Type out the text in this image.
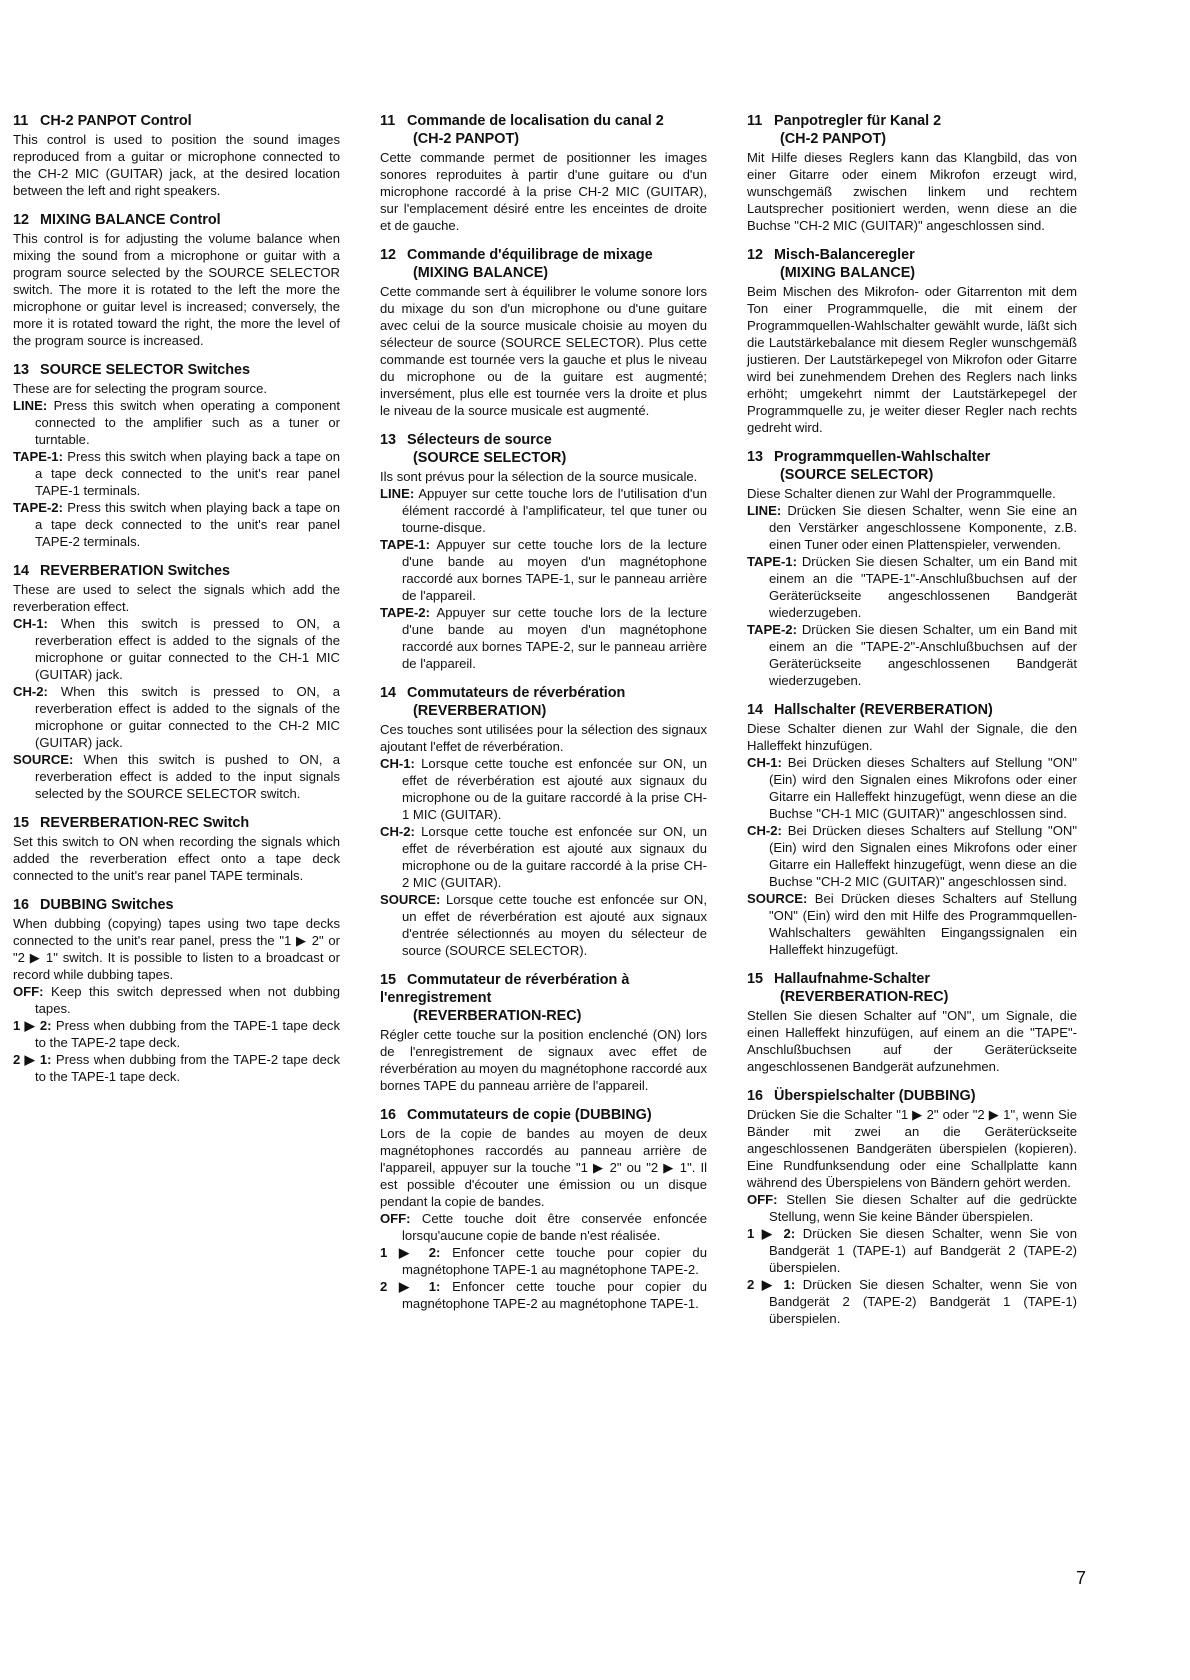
11 CH-2 PANPOT Control

This control is used to position the sound images reproduced from a guitar or microphone connected to the CH-2 MIC (GUITAR) jack, at the desired location between the left and right speakers.

12 MIXING BALANCE Control

This control is for adjusting the volume balance when mixing the sound from a microphone or guitar with a program source selected by the SOURCE SELECTOR switch. The more it is rotated to the left the more the microphone or guitar level is increased; conversely, the more it is rotated toward the right, the more the level of the program source is increased.

13 SOURCE SELECTOR Switches

These are for selecting the program source.

LINE: Press this switch when operating a component connected to the amplifier such as a tuner or turntable.
TAPE-1: Press this switch when playing back a tape on a tape deck connected to the unit's rear panel TAPE-1 terminals.
TAPE-2: Press this switch when playing back a tape on a tape deck connected to the unit's rear panel TAPE-2 terminals.
14 REVERBERATION Switches

These are used to select the signals which add the reverberation effect.

CH-1: When this switch is pressed to ON, a reverberation effect is added to the signals of the microphone or guitar connected to the CH-1 MIC (GUITAR) jack.
CH-2: When this switch is pressed to ON, a reverberation effect is added to the signals of the microphone or guitar connected to the CH-2 MIC (GUITAR) jack.
SOURCE: When this switch is pushed to ON, a reverberation effect is added to the input signals selected by the SOURCE SELECTOR switch.
15 REVERBERATION-REC Switch

Set this switch to ON when recording the signals which added the reverberation effect onto a tape deck connected to the unit's rear panel TAPE terminals.

16 DUBBING Switches

When dubbing (copying) tapes using two tape decks connected to the unit's rear panel, press the "1 ▶ 2" or "2 ▶ 1" switch. It is possible to listen to a broadcast or record while dubbing tapes.

OFF: Keep this switch depressed when not dubbing tapes.
1 ▶ 2: Press when dubbing from the TAPE-1 tape deck to the TAPE-2 tape deck.
2 ▶ 1: Press when dubbing from the TAPE-2 tape deck to the TAPE-1 tape deck.
11 Commande de localisation du canal 2
(CH-2 PANPOT)

Cette commande permet de positionner les images sonores reproduites à partir d'une guitare ou d'un microphone raccordé à la prise CH-2 MIC (GUITAR), sur l'emplacement désiré entre les enceintes de droite et de gauche.

12 Commande d'équilibrage de mixage
(MIXING BALANCE)

Cette commande sert à équilibrer le volume sonore lors du mixage du son d'un microphone ou d'une guitare avec celui de la source musicale choisie au moyen du sélecteur de source (SOURCE SELECTOR). Plus cette commande est tournée vers la gauche et plus le niveau du microphone ou de la guitare est augmenté; inversément, plus elle est tournée vers la droite et plus le niveau de la source musicale est augmenté.

13 Sélecteurs de source
(SOURCE SELECTOR)

Ils sont prévus pour la sélection de la source musicale.

LINE: Appuyer sur cette touche lors de l'utilisation d'un élément raccordé à l'amplificateur, tel que tuner ou tourne-disque.
TAPE-1: Appuyer sur cette touche lors de la lecture d'une bande au moyen d'un magnétophone raccordé aux bornes TAPE-1, sur le panneau arrière de l'appareil.
TAPE-2: Appuyer sur cette touche lors de la lecture d'une bande au moyen d'un magnétophone raccordé aux bornes TAPE-2, sur le panneau arrière de l'appareil.
14 Commutateurs de réverbération
(REVERBERATION)

Ces touches sont utilisées pour la sélection des signaux ajoutant l'effet de réverbération.

CH-1: Lorsque cette touche est enfoncée sur ON, un effet de réverbération est ajouté aux signaux du microphone ou de la guitare raccordé à la prise CH-1 MIC (GUITAR).
CH-2: Lorsque cette touche est enfoncée sur ON, un effet de réverbération est ajouté aux signaux du microphone ou de la guitare raccordé à la prise CH-2 MIC (GUITAR).
SOURCE: Lorsque cette touche est enfoncée sur ON, un effet de réverbération est ajouté aux signaux d'entrée sélectionnés au moyen du sélecteur de source (SOURCE SELECTOR).
15 Commutateur de réverbération à l'enregistrement
(REVERBERATION-REC)

Régler cette touche sur la position enclenché (ON) lors de l'enregistrement de signaux avec effet de réverbération au moyen du magnétophone raccordé aux bornes TAPE du panneau arrière de l'appareil.

16 Commutateurs de copie (DUBBING)

Lors de la copie de bandes au moyen de deux magnétophones raccordés au panneau arrière de l'appareil, appuyer sur la touche "1 ▶ 2" ou "2 ▶ 1". Il est possible d'écouter une émission ou un disque pendant la copie de bandes.

OFF: Cette touche doit être conservée enfoncée lorsqu'aucune copie de bande n'est réalisée.
1 ▶ 2: Enfoncer cette touche pour copier du magnétophone TAPE-1 au magnétophone TAPE-2.
2 ▶ 1: Enfoncer cette touche pour copier du magnétophone TAPE-2 au magnétophone TAPE-1.
11 Panpotregler für Kanal 2
(CH-2 PANPOT)

Mit Hilfe dieses Reglers kann das Klangbild, das von einer Gitarre oder einem Mikrofon erzeugt wird, wunschgemäß zwischen linkem und rechtem Lautsprecher positioniert werden, wenn diese an die Buchse "CH-2 MIC (GUITAR)" angeschlossen sind.

12 Misch-Balanceregler
(MIXING BALANCE)

Beim Mischen des Mikrofon- oder Gitarrenton mit dem Ton einer Programmquelle, die mit einem der Programmquellen-Wahlschalter gewählt wurde, läßt sich die Lautstärkebalance mit diesem Regler wunschgemäß justieren. Der Lautstärkepegel von Mikrofon oder Gitarre wird bei zunehmendem Drehen des Reglers nach links erhöht; umgekehrt nimmt der Lautstärkepegel der Programmquelle zu, je weiter dieser Regler nach rechts gedreht wird.

13 Programmquellen-Wahlschalter
(SOURCE SELECTOR)

Diese Schalter dienen zur Wahl der Programmquelle.

LINE: Drücken Sie diesen Schalter, wenn Sie eine an den Verstärker angeschlossene Komponente, z.B. einen Tuner oder einen Plattenspieler, verwenden.
TAPE-1: Drücken Sie diesen Schalter, um ein Band mit einem an die "TAPE-1"-Anschlußbuchsen auf der Geräterückseite angeschlossenen Bandgerät wiederzugeben.
TAPE-2: Drücken Sie diesen Schalter, um ein Band mit einem an die "TAPE-2"-Anschlußbuchsen auf der Geräterückseite angeschlossenen Bandgerät wiederzugeben.
14 Hallschalter (REVERBERATION)

Diese Schalter dienen zur Wahl der Signale, die den Halleffekt hinzufügen.

CH-1: Bei Drücken dieses Schalters auf Stellung "ON" (Ein) wird den Signalen eines Mikrofons oder einer Gitarre ein Halleffekt hinzugefügt, wenn diese an die Buchse "CH-1 MIC (GUITAR)" angeschlossen sind.
CH-2: Bei Drücken dieses Schalters auf Stellung "ON" (Ein) wird den Signalen eines Mikrofons oder einer Gitarre ein Halleffekt hinzugefügt, wenn diese an die Buchse "CH-2 MIC (GUITAR)" angeschlossen sind.
SOURCE: Bei Drücken dieses Schalters auf Stellung "ON" (Ein) wird den mit Hilfe des Programmquellen-Wahlschalters gewählten Eingangssignalen ein Halleffekt hinzugefügt.
15 Hallaufnahme-Schalter
(REVERBERATION-REC)

Stellen Sie diesen Schalter auf "ON", um Signale, die einen Halleffekt hinzufügen, auf einem an die "TAPE"-Anschlußbuchsen auf der Geräterückseite angeschlossenen Bandgerät aufzunehmen.

16 Überspielschalter (DUBBING)

Drücken Sie die Schalter "1 ▶ 2" oder "2 ▶ 1", wenn Sie Bänder mit zwei an die Geräterückseite angeschlossenen Bandgeräten überspielen (kopieren). Eine Rundfunksendung oder eine Schallplatte kann während des Überspielens von Bändern gehört werden.

OFF: Stellen Sie diesen Schalter auf die gedrückte Stellung, wenn Sie keine Bänder überspielen.
1 ▶ 2: Drücken Sie diesen Schalter, wenn Sie von Bandgerät 1 (TAPE-1) auf Bandgerät 2 (TAPE-2) überspielen.
2 ▶ 1: Drücken Sie diesen Schalter, wenn Sie von Bandgerät 2 (TAPE-2) Bandgerät 1 (TAPE-1) überspielen.
7
